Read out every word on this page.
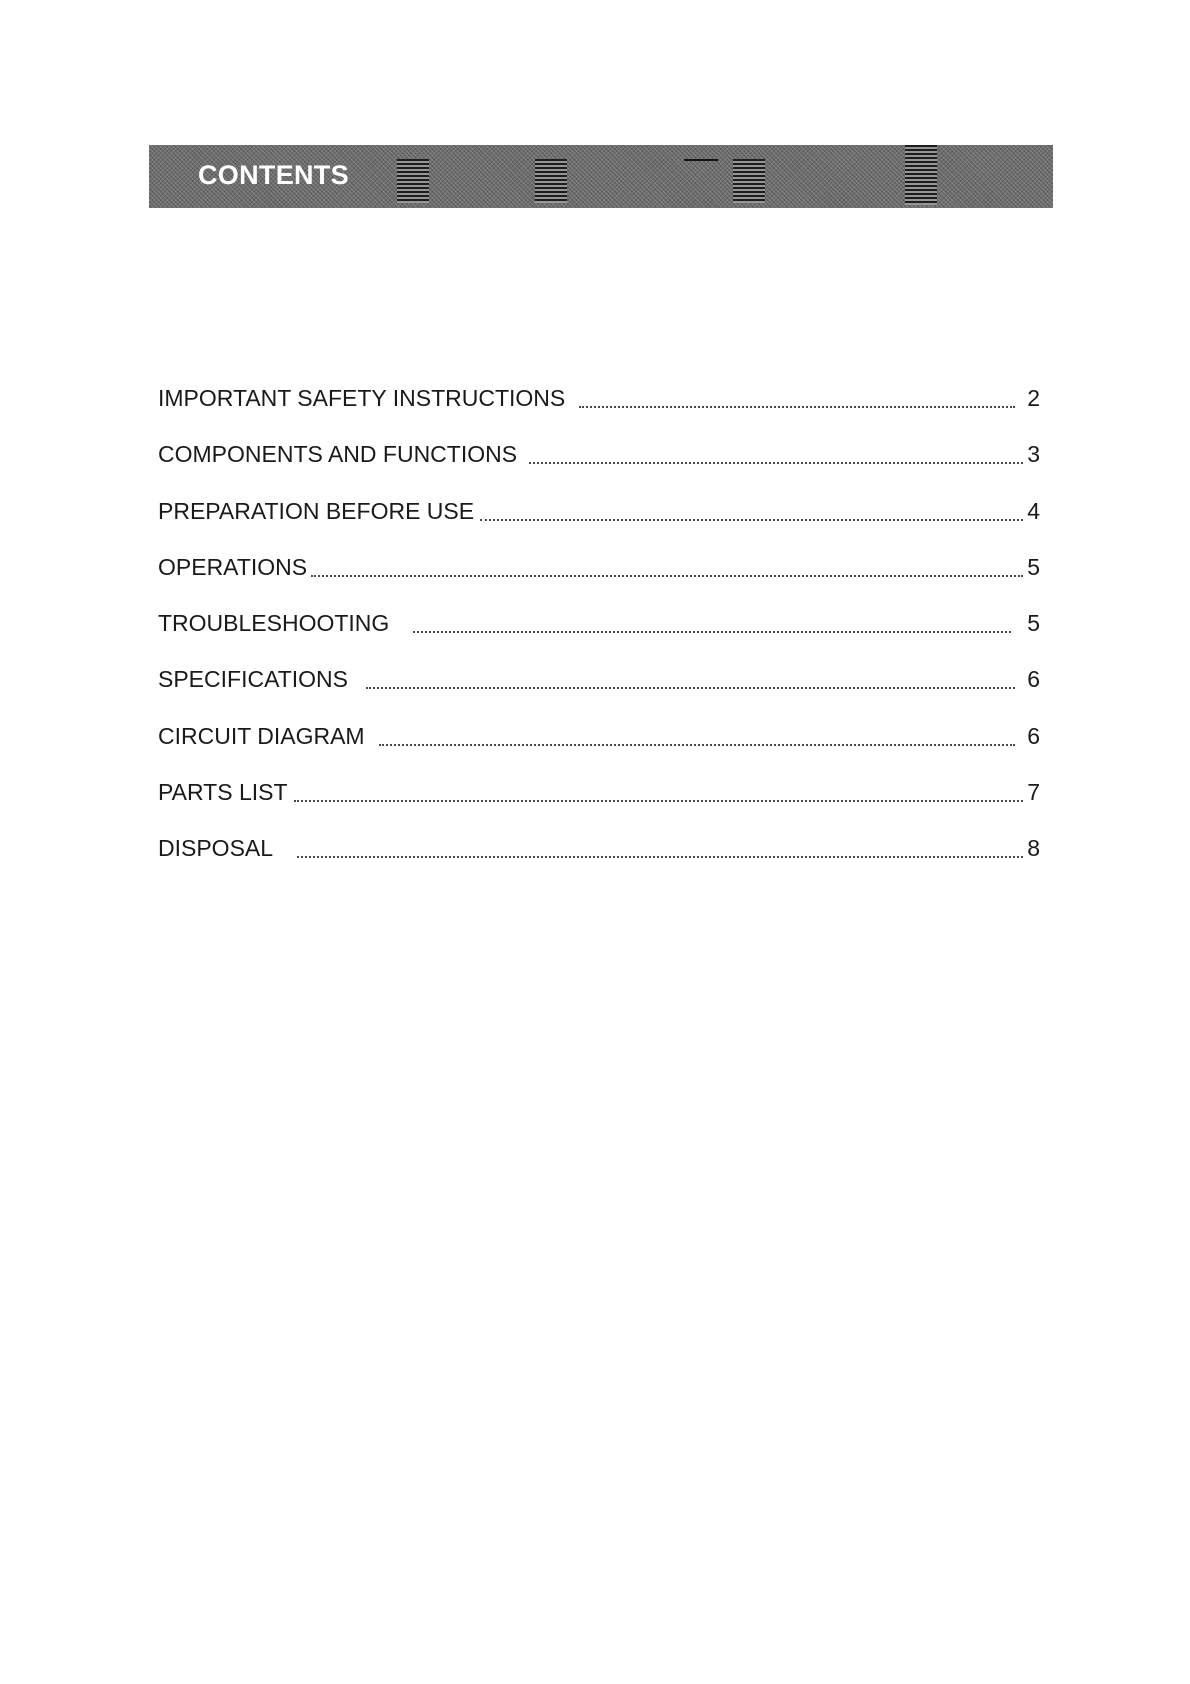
CONTENTS
IMPORTANT SAFETY INSTRUCTIONS	2
COMPONENTS AND FUNCTIONS	3
PREPARATION BEFORE USE	4
OPERATIONS	5
TROUBLESHOOTING	5
SPECIFICATIONS	6
CIRCUIT DIAGRAM	6
PARTS LIST	7
DISPOSAL	8
